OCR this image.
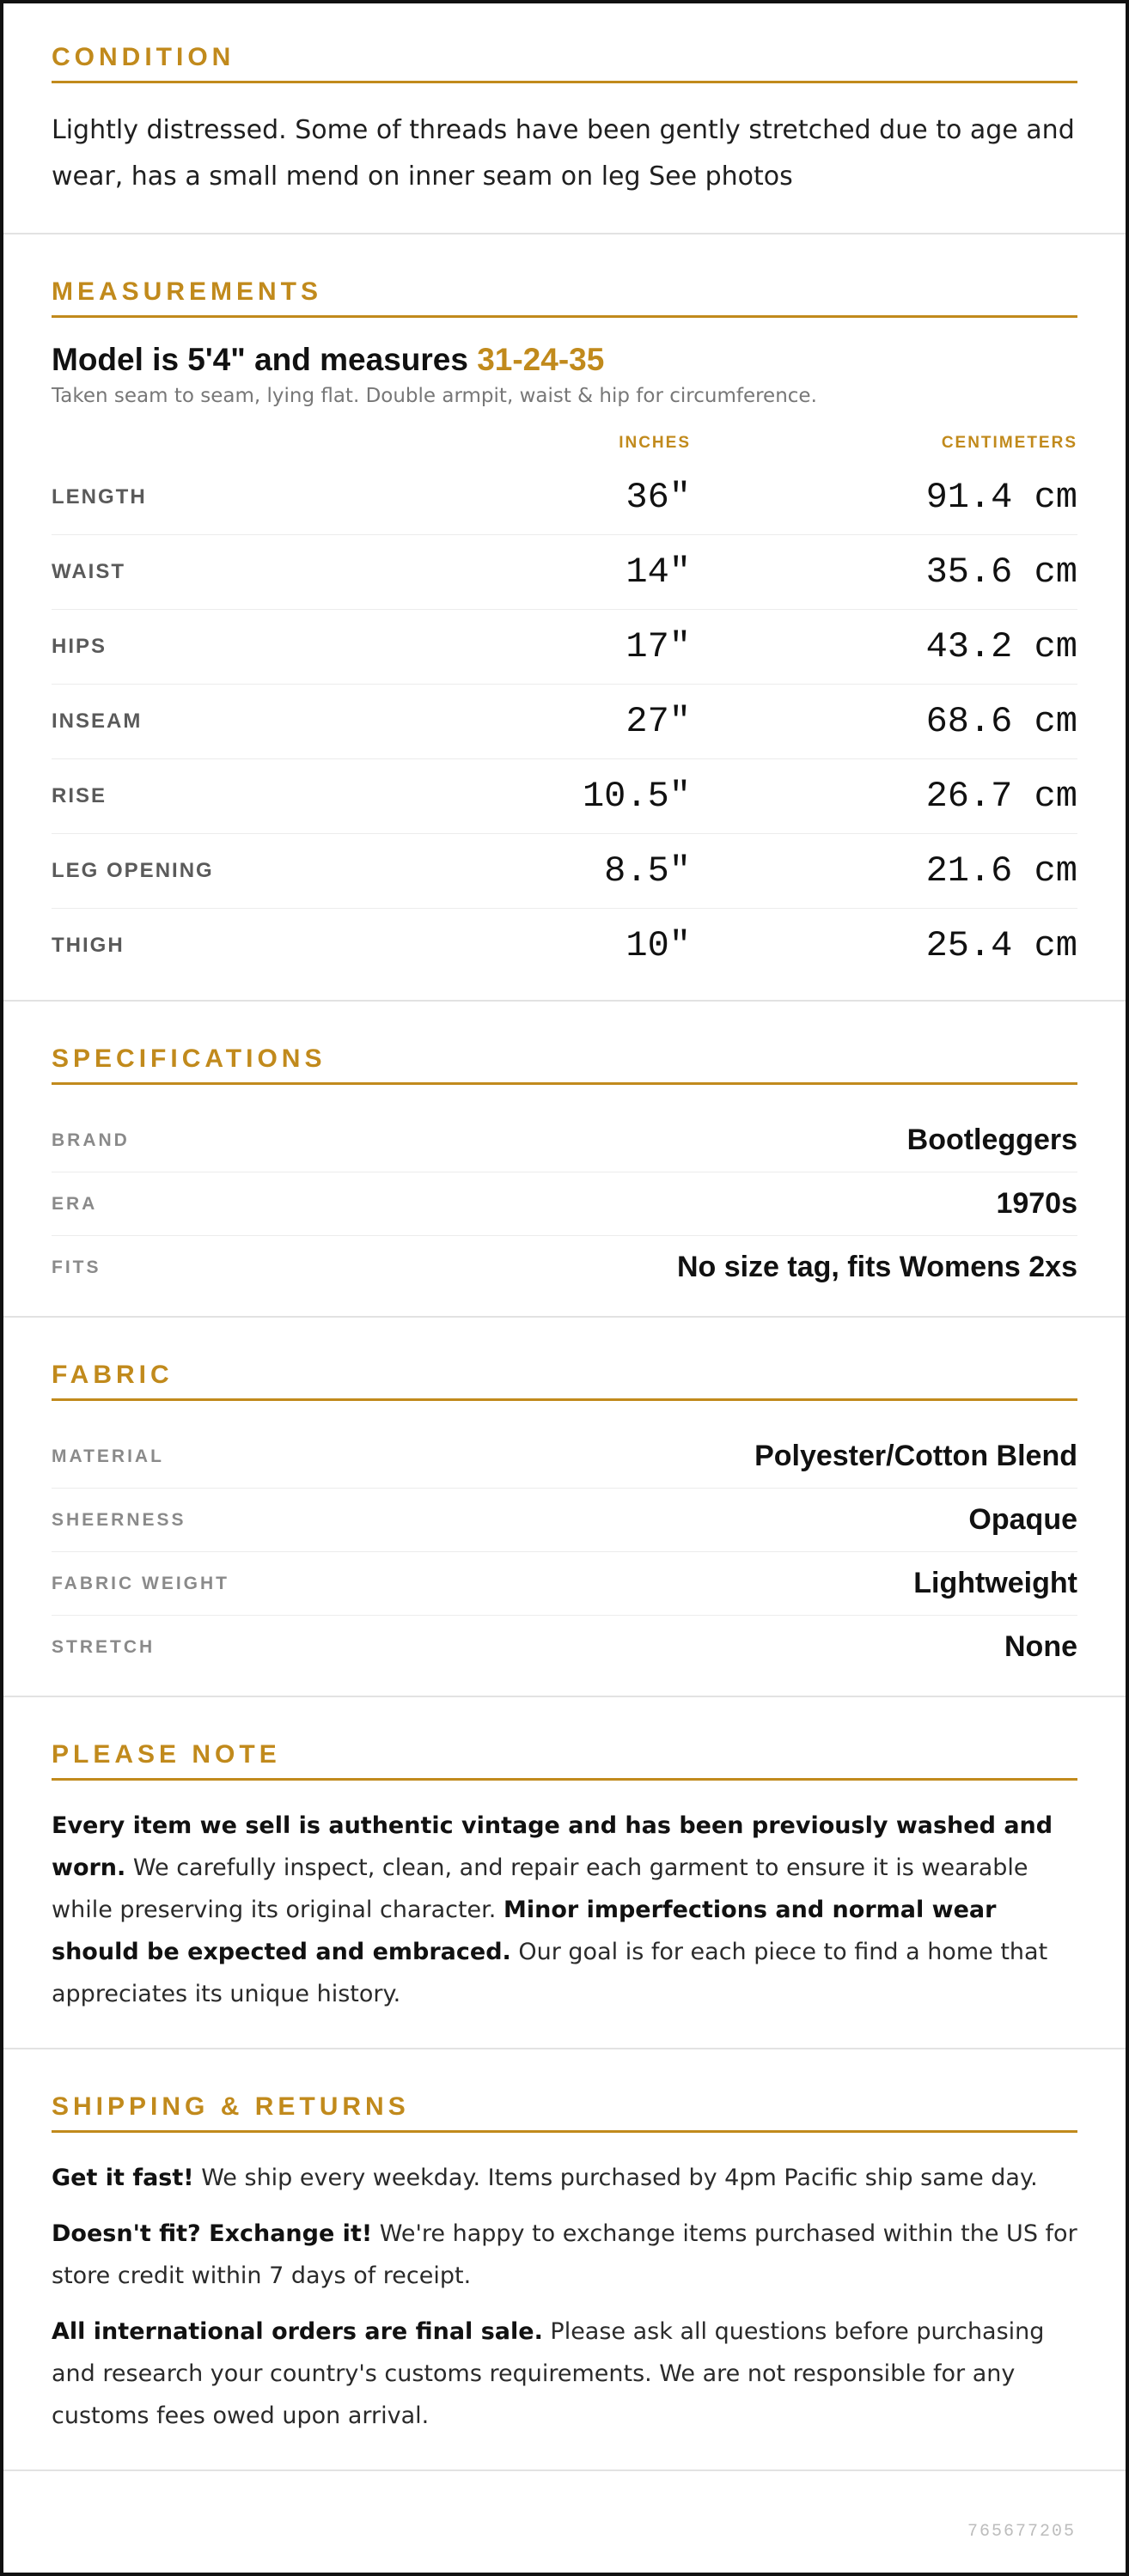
CONDITION

Lightly distressed. Some of threads have been gently stretched due to age and wear, has a small mend on inner seam on leg See photos

MEASUREMENTS
Model is 5'4" and measures 31-24-35

Taken seam to seam, lying flat. Double armpit, waist & hip for circumference.

INCHES	CENTIMETERS
LENGTH	36"	91.4 cm
WAIST	14"	35.6 cm
HIPS	17"	43.2 cm
INSEAM	27"	68.6 cm
RISE	10.5"	26.7 cm
LEG OPENING	8.5"	21.6 cm
THIGH	10"	25.4 cm
SPECIFICATIONS
BRAND	Bootleggers
ERA	1970s
FITS	No size tag, fits Womens 2xs
FABRIC
MATERIAL	Polyester/Cotton Blend
SHEERNESS	Opaque
FABRIC WEIGHT	Lightweight
STRETCH	None
PLEASE NOTE

Every item we sell is authentic vintage and has been previously washed and worn. We carefully inspect, clean, and repair each garment to ensure it is wearable while preserving its original character. Minor imperfections and normal wear should be expected and embraced. Our goal is for each piece to find a home that appreciates its unique history.

SHIPPING & RETURNS

Get it fast! We ship every weekday. Items purchased by 4pm Pacific ship same day.

Doesn't fit? Exchange it! We're happy to exchange items purchased within the US for store credit within 7 days of receipt.

All international orders are final sale. Please ask all questions before purchasing and research your country's customs requirements. We are not responsible for any customs fees owed upon arrival.

765677205
